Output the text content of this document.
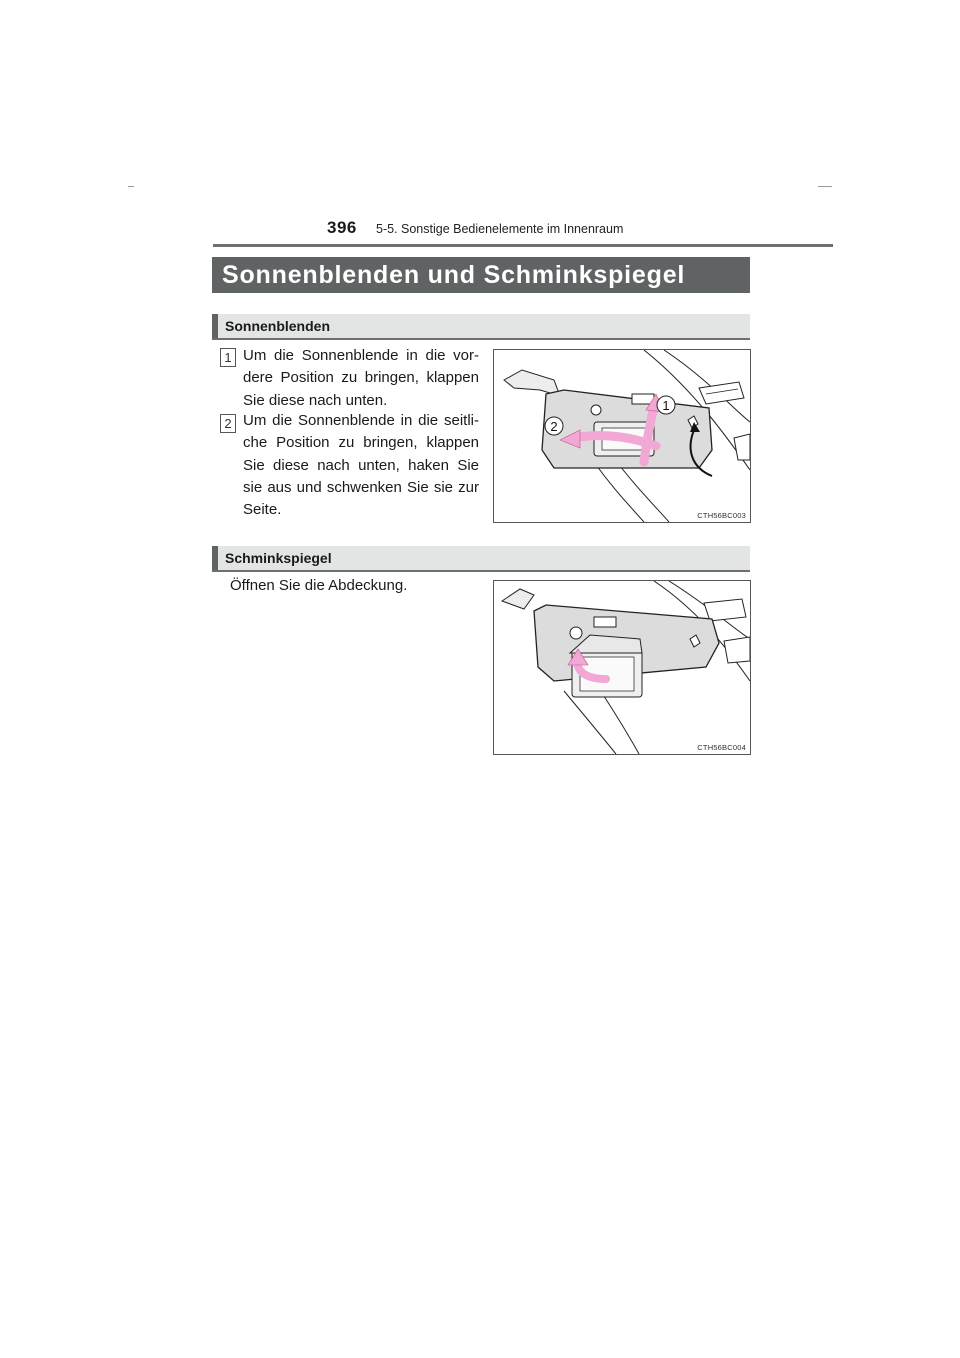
396 5-5. Sonstige Bedienelemente im Innenraum
Sonnenblenden und Schminkspiegel
Sonnenblenden
1 Um die Sonnenblende in die vor-dere Position zu bringen, klappen Sie diese nach unten.
2 Um die Sonnenblende in die seitli-che Position zu bringen, klappen Sie diese nach unten, haken Sie sie aus und schwenken Sie sie zur Seite.
1
2
CTH56BC003
Schminkspiegel
Öffnen Sie die Abdeckung.
CTH56BC004
